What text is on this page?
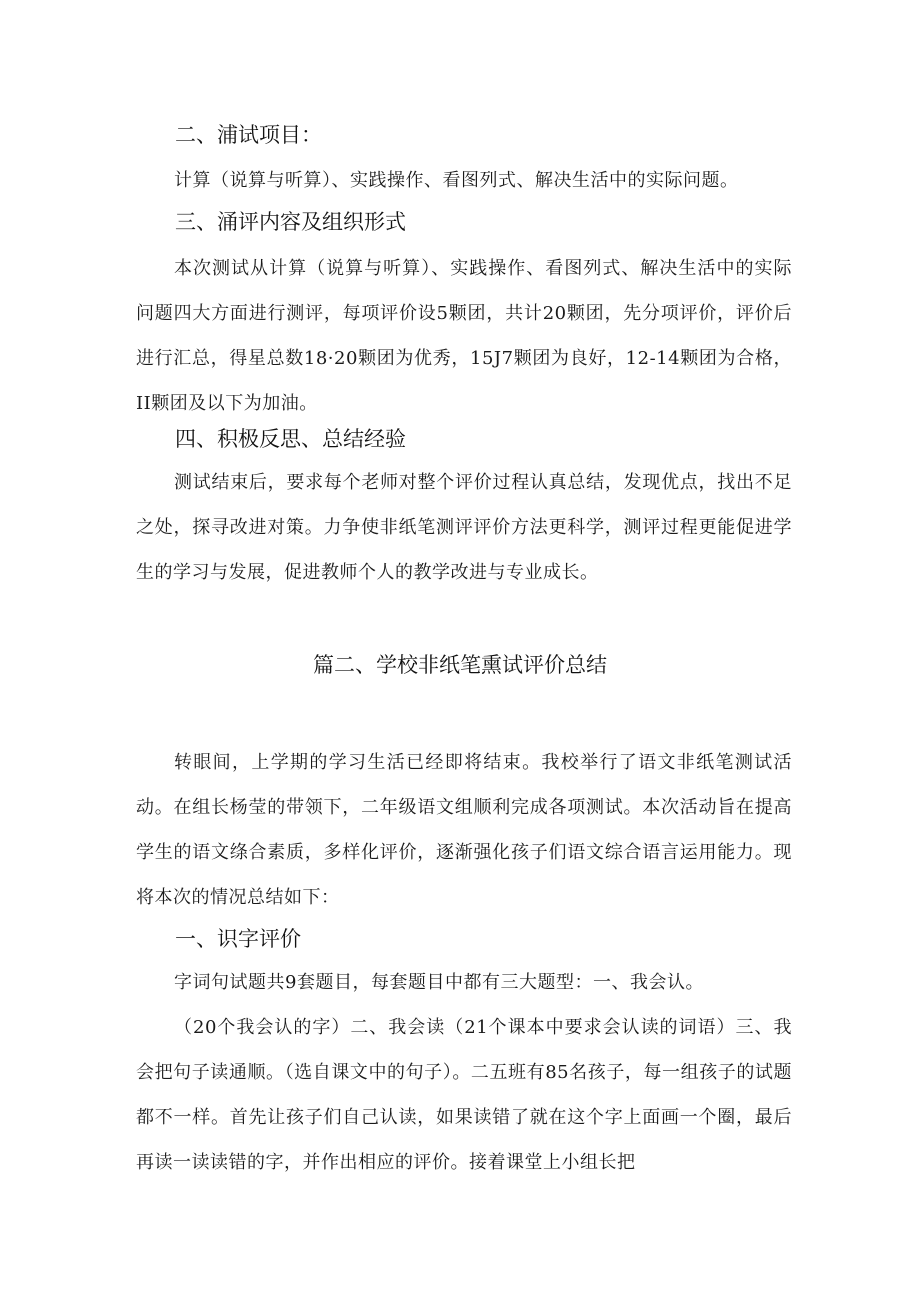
二、浦试项目：
计算（说算与听算）、实践操作、看图列式、解决生活中的实际问题。
三、涌评内容及组织形式
本次测试从计算（说算与听算）、实践操作、看图列式、解决生活中的实际问题四大方面进行测评，每项评价设5颗团，共计20颗团，先分项评价，评价后进行汇总，得星总数18·20颗团为优秀，15J7颗团为良好，12-14颗团为合格，II颗团及以下为加油。
四、积极反思、总结经验
测试结束后，要求每个老师对整个评价过程认真总结，发现优点，找出不足之处，探寻改进对策。力争使非纸笔测评评价方法更科学，测评过程更能促进学生的学习与发展，促进教师个人的教学改进与专业成长。
篇二、学校非纸笔熏试评价总结
转眼间，上学期的学习生活已经即将结束。我校举行了语文非纸笔测试活动。在组长杨莹的带领下，二年级语文组顺利完成各项测试。本次活动旨在提高学生的语文绦合素质，多样化评价，逐渐强化孩子们语文综合语言运用能力。现将本次的情况总结如下：
一、识字评价
字词句试题共9套题目，每套题目中都有三大题型：一、我会认。
（20个我会认的字）二、我会读（21个课本中要求会认读的词语）三、我会把句子读通顺。（选自课文中的句子）。二五班有85名孩子，每一组孩子的试题都不一样。首先让孩子们自己认读，如果读错了就在这个字上面画一个圈，最后再读一读读错的字，并作出相应的评价。接着课堂上小组长把
